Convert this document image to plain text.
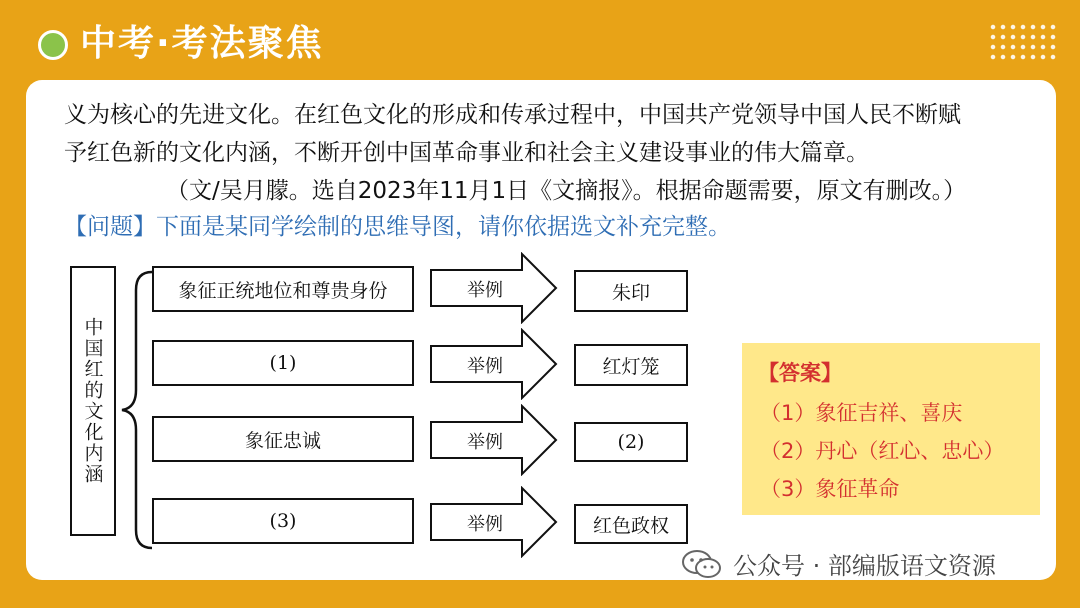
中考·考法聚焦
义为核心的先进文化。在红色文化的形成和传承过程中，中国共产党领导中国人民不断赋
予红色新的文化内涵，不断开创中国革命事业和社会主义建设事业的伟大篇章。
（文/吴月朦。选自2023年11月1日《文摘报》。根据命题需要，原文有删改。）
【问题】下面是某同学绘制的思维导图，请你依据选文补充完整。
中国红的文化内涵
象征正统地位和尊贵身份	举例	朱印
(1)	举例	红灯笼
象征忠诚	举例	(2)
(3)	举例	红色政权
【答案】
（1）象征吉祥、喜庆
（2）丹心（红心、忠心）
（3）象征革命
公众号 · 部编版语文资源
